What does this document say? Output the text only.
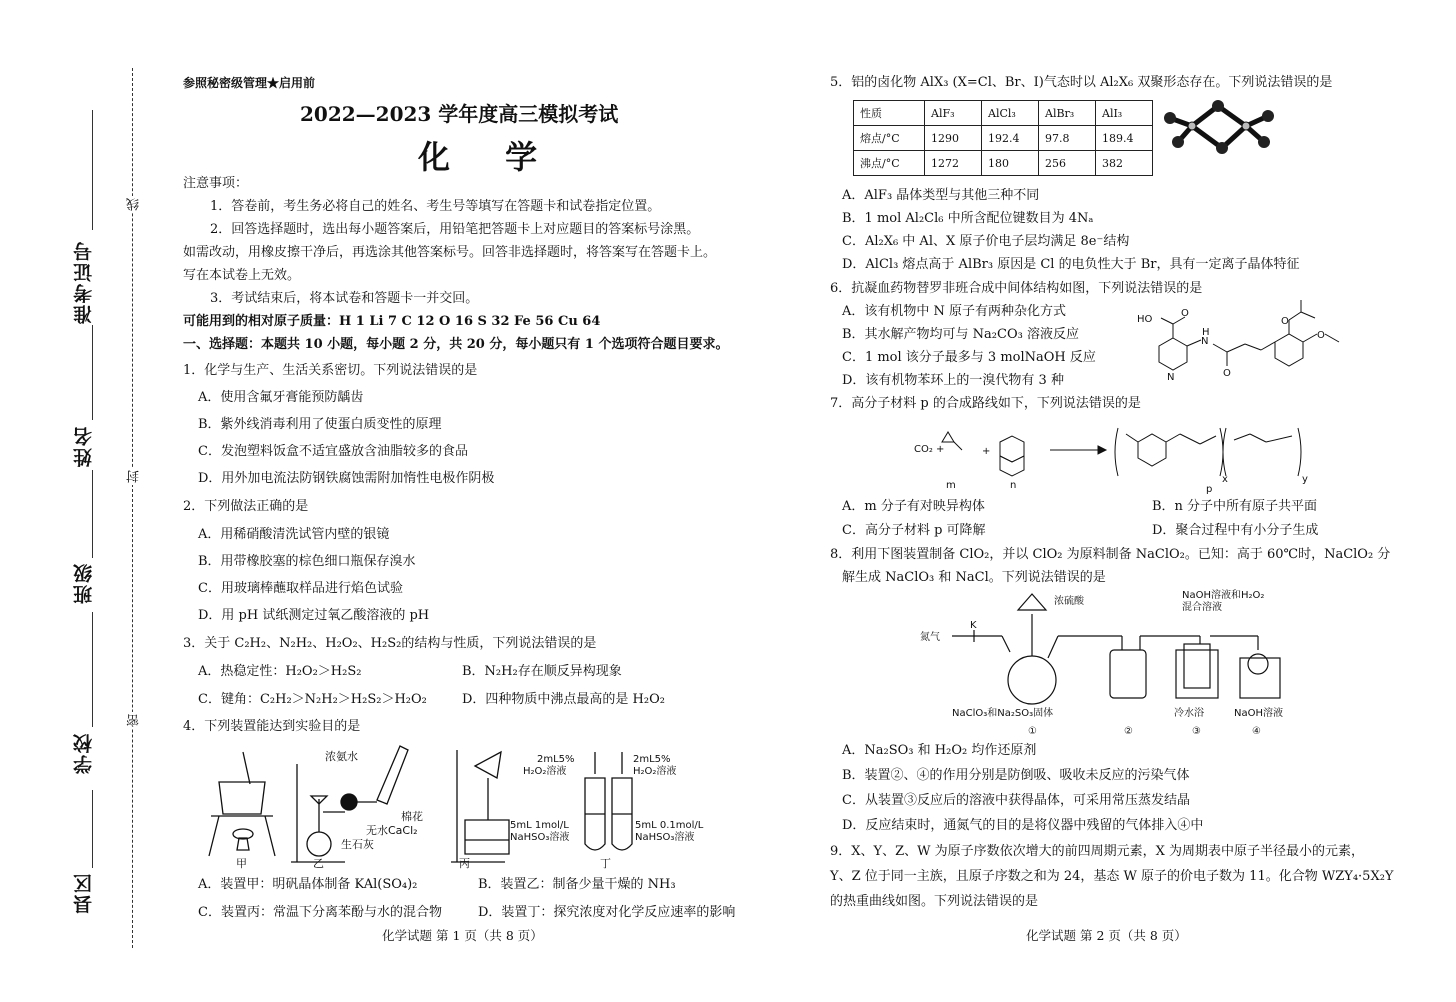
线
封
密
准考证号
姓名
班级
学校
县区
参照秘密级管理★启用前
2022—2023 学年度高三模拟考试
化 学
注意事项：
1．答卷前，考生务必将自己的姓名、考生号等填写在答题卡和试卷指定位置。
2．回答选择题时，选出每小题答案后，用铅笔把答题卡上对应题目的答案标号涂黑。
如需改动，用橡皮擦干净后，再选涂其他答案标号。回答非选择题时，将答案写在答题卡上。
写在本试卷上无效。
3．考试结束后，将本试卷和答题卡一并交回。
可能用到的相对原子质量：H 1 Li 7 C 12 O 16 S 32 Fe 56 Cu 64
一、选择题：本题共 10 小题，每小题 2 分，共 20 分，每小题只有 1 个选项符合题目要求。
1．化学与生产、生活关系密切。下列说法错误的是
A．使用含氟牙膏能预防龋齿
B．紫外线消毒利用了使蛋白质变性的原理
C．发泡塑料饭盒不适宜盛放含油脂较多的食品
D．用外加电流法防钢铁腐蚀需附加惰性电极作阴极
2．下列做法正确的是
A．用稀硝酸清洗试管内壁的银镜
B．用带橡胶塞的棕色细口瓶保存溴水
C．用玻璃棒蘸取样品进行焰色试验
D．用 pH 试纸测定过氧乙酸溶液的 pH
3．关于 C₂H₂、N₂H₂、H₂O₂、H₂S₂的结构与性质，下列说法错误的是
A．热稳定性：H₂O₂＞H₂S₂	B．N₂H₂存在顺反异构现象
C．键角：C₂H₂＞N₂H₂＞H₂S₂＞H₂O₂	D．四种物质中沸点最高的是 H₂O₂
4．下列装置能达到实验目的是
甲	乙	丙	丁
浓氨水
棉花
无水CaCl₂
生石灰
2mL5%
H₂O₂溶液
2mL5%
H₂O₂溶液
5mL 1mol/L
NaHSO₃溶液
5mL 0.1mol/L
NaHSO₃溶液
A．装置甲：明矾晶体制备 KAl(SO₄)₂	B．装置乙：制备少量干燥的 NH₃
C．装置丙：常温下分离苯酚与水的混合物	D．装置丁：探究浓度对化学反应速率的影响
化学试题 第 1 页（共 8 页）
5．铝的卤化物 AlX₃ (X=Cl、Br、I)气态时以 Al₂X₆ 双聚形态存在。下列说法错误的是
性质	AlF₃	AlCl₃	AlBr₃	AlI₃
熔点/°C	1290	192.4	97.8	189.4
沸点/°C	1272	180	256	382
A．AlF₃ 晶体类型与其他三种不同
B．1 mol Al₂Cl₆ 中所含配位键数目为 4Nₐ
C．Al₂X₆ 中 Al、X 原子价电子层均满足 8e⁻结构
D．AlCl₃ 熔点高于 AlBr₃ 原因是 Cl 的电负性大于 Br，具有一定离子晶体特征
6．抗凝血药物替罗非班合成中间体结构如图，下列说法错误的是
A．该有机物中 N 原子有两种杂化方式
B．其水解产物均可与 Na₂CO₃ 溶液反应
C．1 mol 该分子最多与 3 molNaOH 反应
D．该有机物苯环上的一溴代物有 3 种
HO
O
N
N
H
O
O
O
7．高分子材料 p 的合成路线如下，下列说法错误的是
CO₂ +	+
m	n
x	y
p
A．m 分子有对映异构体	B．n 分子中所有原子共平面
C．高分子材料 p 可降解	D．聚合过程中有小分子生成
8．利用下图装置制备 ClO₂，并以 ClO₂ 为原料制备 NaClO₂。已知：高于 60℃时，NaClO₂ 分
解生成 NaClO₃ 和 NaCl。下列说法错误的是
浓硫酸
NaOH溶液和H₂O₂
混合溶液
氮气
K
NaClO₃和Na₂SO₃固体
①	②
冷水浴
③
NaOH溶液
④
A．Na₂SO₃ 和 H₂O₂ 均作还原剂
B．装置②、④的作用分别是防倒吸、吸收未反应的污染气体
C．从装置③反应后的溶液中获得晶体，可采用常压蒸发结晶
D．反应结束时，通氮气的目的是将仪器中残留的气体排入④中
9．X、Y、Z、W 为原子序数依次增大的前四周期元素，X 为周期表中原子半径最小的元素，
Y、Z 位于同一主族，且原子序数之和为 24，基态 W 原子的价电子数为 11。化合物 WZY₄·5X₂Y
的热重曲线如图。下列说法错误的是
化学试题 第 2 页（共 8 页）
